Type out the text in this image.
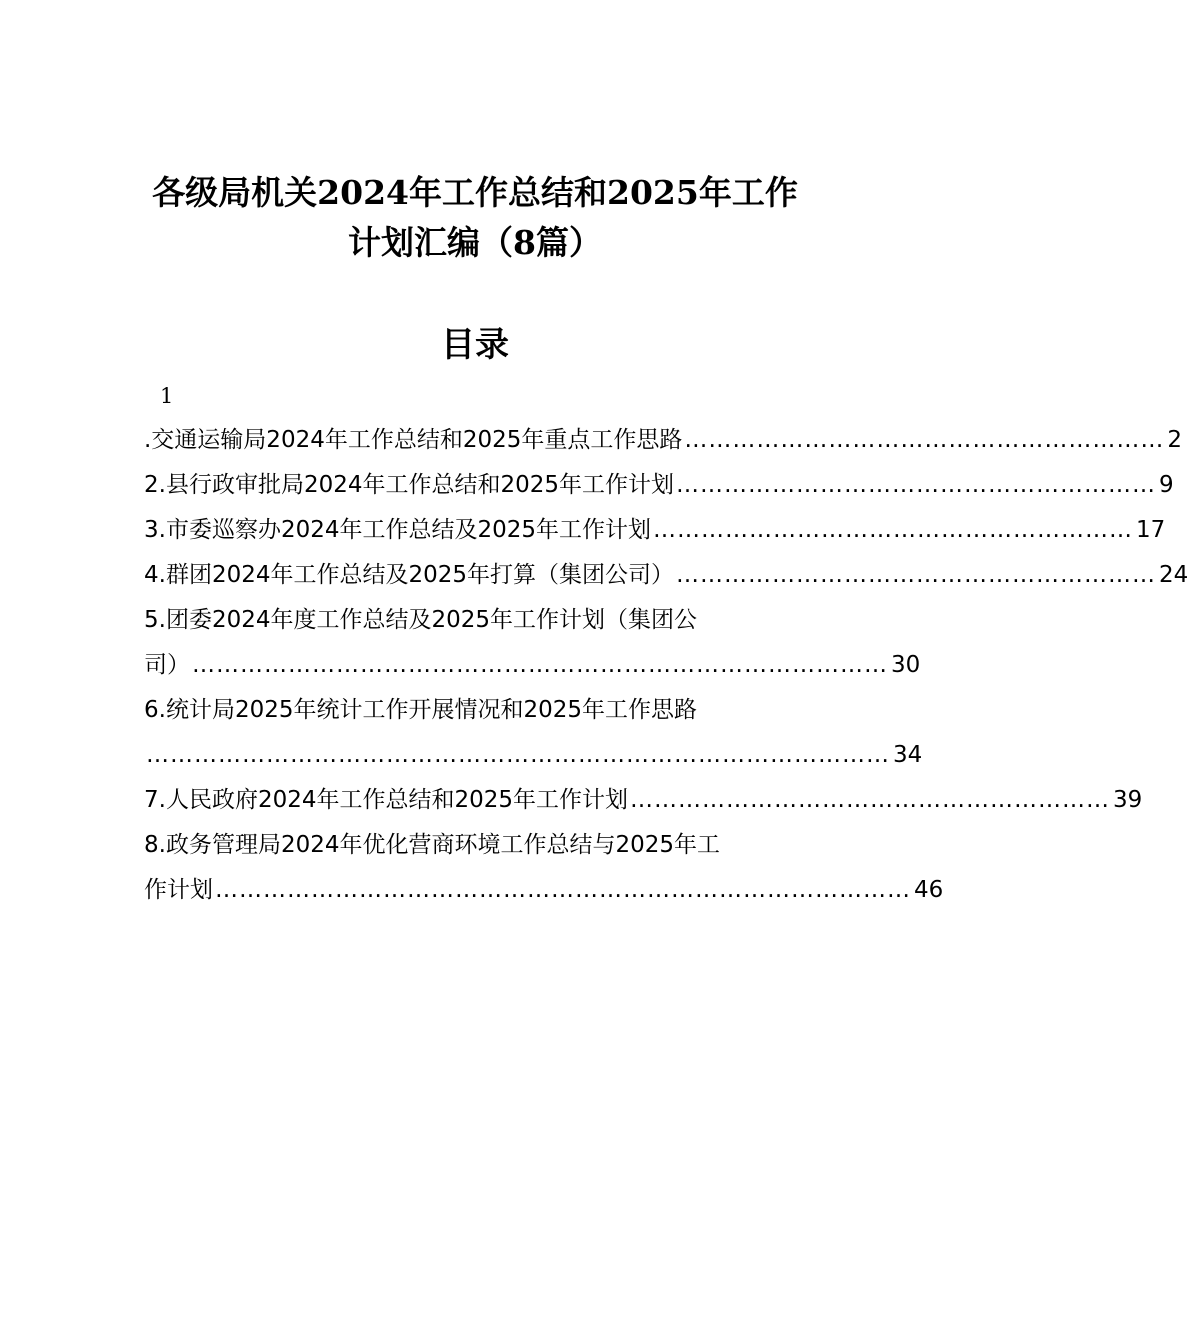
各级局机关2024年工作总结和2025年工作
计划汇编（8篇）
目录
1
.交通运输局2024年工作总结和2025年重点工作思路 …………………………………………………… 2
2.县行政审批局2024年工作总结和2025年工作计划 …………………………………………………… 9
3.市委巡察办2024年工作总结及2025年工作计划 …………………………………………………… 17
4.群团2024年工作总结及2025年打算（集团公司） …………………………………………………… 24
5.团委2024年度工作总结及2025年工作计划（集团公
司） …………………………………………………………………………… 30
6.统计局2025年统计工作开展情况和2025年工作思路
………………………………………………………………………………… 34
7.人民政府2024年工作总结和2025年工作计划 …………………………………………………… 39
8.政务管理局2024年优化营商环境工作总结与2025年工
作计划 …………………………………………………………………………… 46
